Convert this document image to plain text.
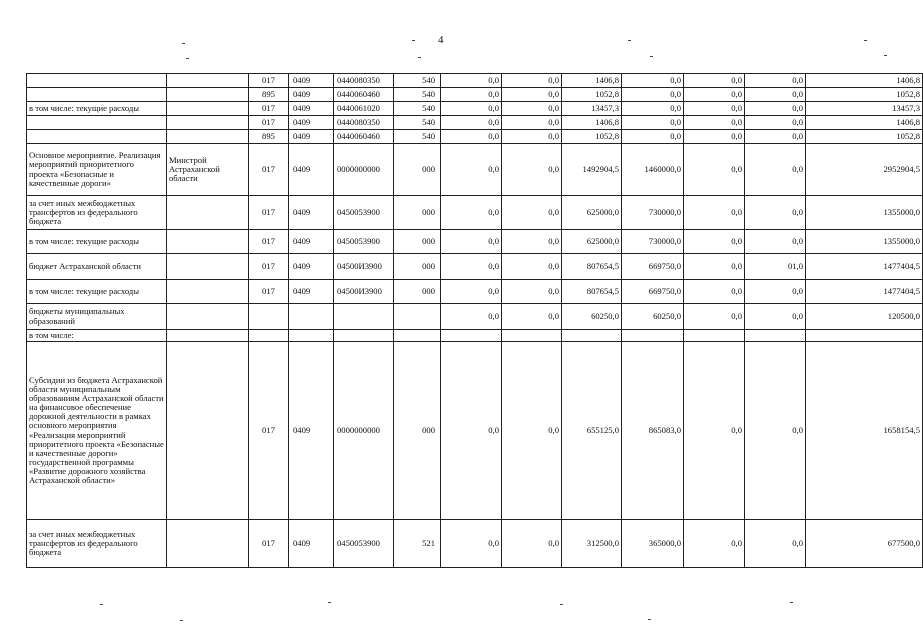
4
		017	0409	0440080350	540	0,0	0,0	1406,8	0,0	0,0	0,0	1406,8
		895	0409	0440060460	540	0,0	0,0	1052,8	0,0	0,0	0,0	1052,8
в том числе: текущие расходы		017	0409	0440061020	540	0,0	0,0	13457,3	0,0	0,0	0,0	13457,3
		017	0409	0440080350	540	0,0	0,0	1406,8	0,0	0,0	0,0	1406,8
		895	0409	0440060460	540	0,0	0,0	1052,8	0,0	0,0	0,0	1052,8
Основное мероприятие. Реализация мероприятий приоритетного проекта «Безопасные и качественные дороги»	Минстрой Астраханской области	017	0409	0000000000	000	0,0	0,0	1492904,5	1460000,0	0,0	0,0	2952904,5
за счет иных межбюджетных трансфертов из федерального бюджета		017	0409	0450053900	000	0,0	0,0	625000,0	730000,0	0,0	0,0	1355000,0
в том числе: текущие расходы		017	0409	0450053900	000	0,0	0,0	625000,0	730000,0	0,0	0,0	1355000,0
бюджет Астраханской области		017	0409	04500И3900	000	0,0	0,0	807654,5	669750,0	0,0	01,0	1477404,5
в том числе: текущие расходы		017	0409	04500И3900	000	0,0	0,0	807654,5	669750,0	0,0	0,0	1477404,5
бюджеты муниципальных образований						0,0	0,0	60250,0	60250,0	0,0	0,0	120500,0
в том числе:												
Субсидии из бюджета Астраханской области муниципальным образованиям Астраханской области на финансовое обеспечение дорожной деятельности в рамках основного мероприятия «Реализация мероприятий приоритетного проекта «Безопасные и качественные дороги» государственной программы «Развитие дорожного хозяйства Астраханской области»		017	0409	0000000000	000	0,0	0,0	655125,0	865083,0	0,0	0,0	1658154,5
за счет иных межбюджетных трансфертов из федерального бюджета		017	0409	0450053900	521	0,0	0,0	312500,0	365000,0	0,0	0,0	677500,0
